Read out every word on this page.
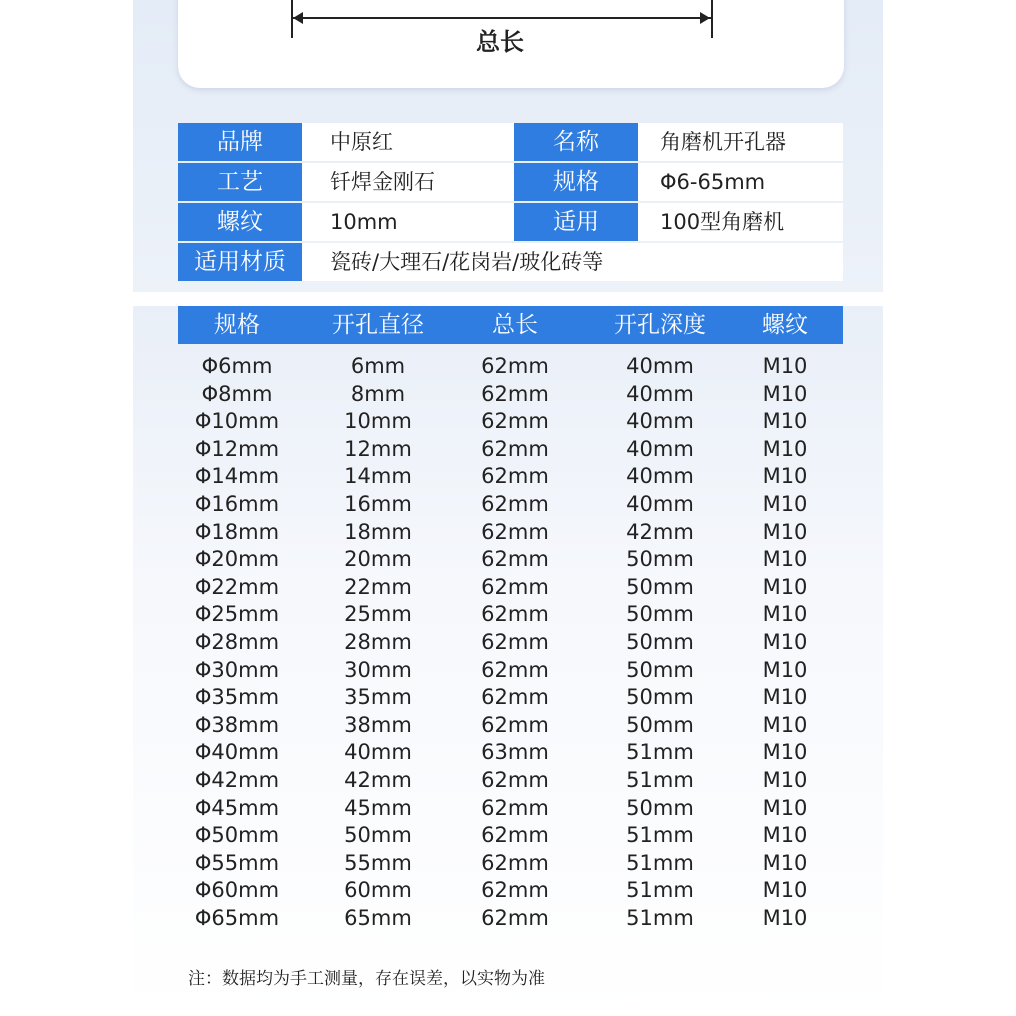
总长
品牌	中原红	名称	角磨机开孔器
工艺	钎焊金刚石	规格	Φ6-65mm
螺纹	10mm	适用	100型角磨机
适用材质	瓷砖/大理石/花岗岩/玻化砖等
规格	开孔直径	总长	开孔深度	螺纹
Φ6mm	6mm	62mm	40mm	M10
Φ8mm	8mm	62mm	40mm	M10
Φ10mm	10mm	62mm	40mm	M10
Φ12mm	12mm	62mm	40mm	M10
Φ14mm	14mm	62mm	40mm	M10
Φ16mm	16mm	62mm	40mm	M10
Φ18mm	18mm	62mm	42mm	M10
Φ20mm	20mm	62mm	50mm	M10
Φ22mm	22mm	62mm	50mm	M10
Φ25mm	25mm	62mm	50mm	M10
Φ28mm	28mm	62mm	50mm	M10
Φ30mm	30mm	62mm	50mm	M10
Φ35mm	35mm	62mm	50mm	M10
Φ38mm	38mm	62mm	50mm	M10
Φ40mm	40mm	63mm	51mm	M10
Φ42mm	42mm	62mm	51mm	M10
Φ45mm	45mm	62mm	50mm	M10
Φ50mm	50mm	62mm	51mm	M10
Φ55mm	55mm	62mm	51mm	M10
Φ60mm	60mm	62mm	51mm	M10
Φ65mm	65mm	62mm	51mm	M10
注：数据均为手工测量，存在误差，以实物为准
